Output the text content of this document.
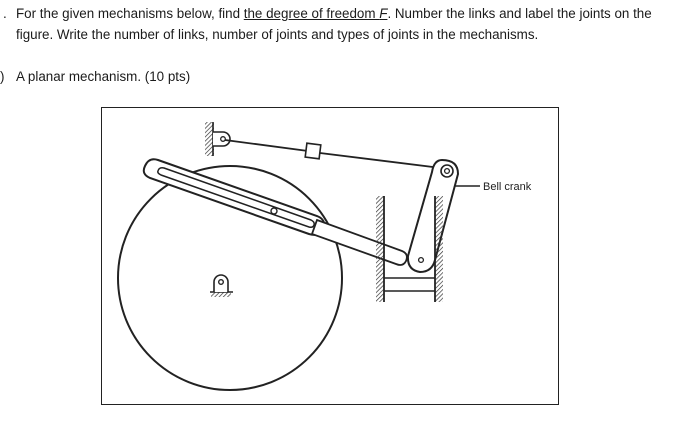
. For the given mechanisms below, find the degree of freedom F. Number the links and label the joints on the
figure. Write the number of links, number of joints and types of joints in the mechanisms.
) A planar mechanism. (10 pts)
Bell crank
